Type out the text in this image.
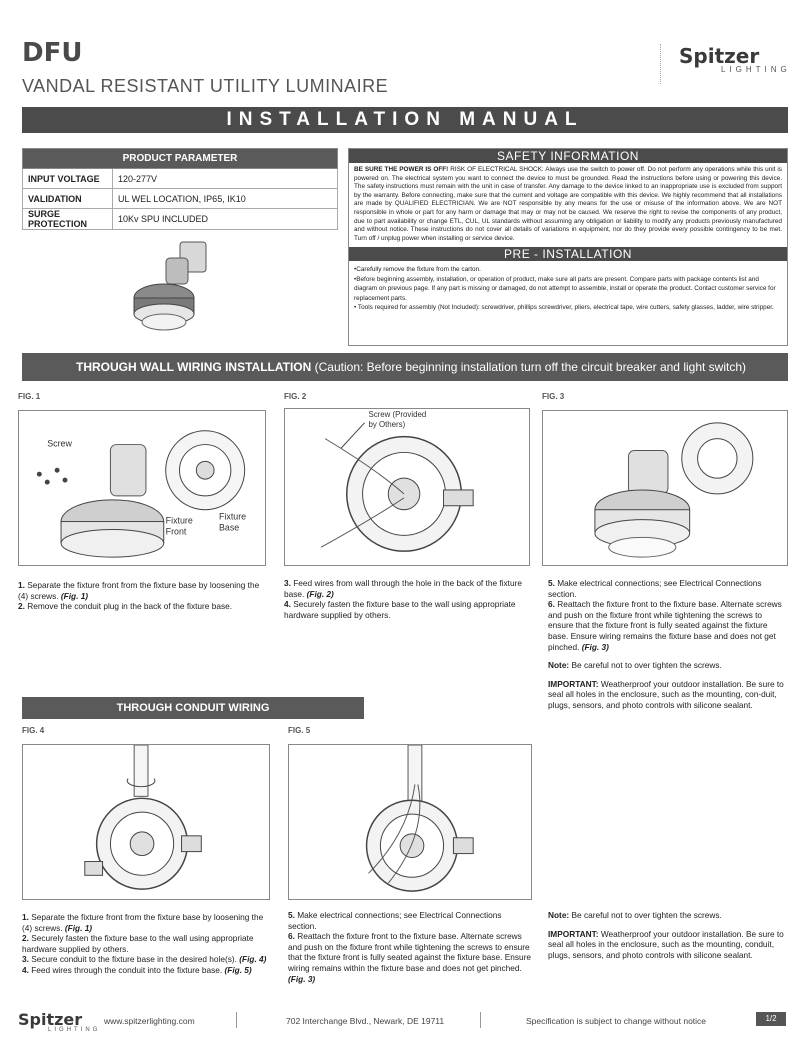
DFU
VANDAL RESISTANT UTILITY LUMINAIRE
Spitzer
LIGHTING
INSTALLATION MANUAL
PRODUCT PARAMETER	
INPUT VOLTAGE	120-277V
VALIDATION	UL WEL LOCATION, IP65, IK10
SURGE PROTECTION	10Kv SPU INCLUDED
SAFETY INFORMATION
BE SURE THE POWER IS OFF! RISK OF ELECTRICAL SHOCK: Always use the switch to power off. Do not perform any operations while this unit is powered on. The electrical system you want to connect the device to must be grounded. Read the instructions before using or powering this device. The safety instructions must remain with the unit in case of transfer. Any damage to the device linked to an inappropriate use is excluded from support by the warranty. Before connecting, make sure that the current and voltage are compatible with this device. We highly recommend that all installations are made by QUALIFIED ELECTRICIAN. We are NOT responsible by any means for the use or misuse of the information above. We are NOT responsible in whole or part for any harm or damage that may or may not be caused. We reserve the right to revise the components of any product, due to part availability or change ETL, CUL, UL standards without assuming any obligation or liability to modify any products previously manufactured and without notice. These instructions do not cover all details of variations in equipment, nor do they provide every possible contingency to be met. Turn off / unplug power when installing or service device.
PRE - INSTALLATION
•Carefully remove the fixture from the carton.
•Before beginning assembly, installation, or operation of product, make sure all parts are present. Compare parts with package contents list and diagram on previous page. If any part is missing or damaged, do not attempt to assemble, install or operate the product. Contact customer service for replacement parts.
• Tools required for assembly (Not Included): screwdriver, phillips screwdriver, pliers, electrical tape, wire cutters, safety glasses, ladder, wire stripper.
THROUGH WALL WIRING INSTALLATION (Caution: Before beginning installation turn off the circuit breaker and light switch)
FIG. 1
Screw
Fixture
Front
Fixture
Base
FIG. 2
Screw (Provided
by Others)
FIG. 3
1. Separate the fixture front from the fixture base by loosening the (4) screws. (Fig. 1)
2. Remove the conduit plug in the back of the fixture base.
3. Feed wires from wall through the hole in the back of the fixture base. (Fig. 2)
4. Securely fasten the fixture base to the wall using appropriate hardware supplied by others.
5. Make electrical connections; see Electrical Connections section.
6. Reattach the fixture front to the fixture base. Alternate screws and push on the fixture front while tightening the screws to ensure that the fixture front is fully seated against the fixture base. Ensure wiring remains the fixture base and does not get pinched. (Fig. 3)
Note: Be careful not to over tighten the screws.
IMPORTANT: Weatherproof your outdoor installation. Be sure to seal all holes in the enclosure, such as the mounting, con-duit, plugs, sensors, and photo controls with silicone sealant.
THROUGH CONDUIT WIRING
FIG. 4	FIG. 5
1. Separate the fixture front from the fixture base by loosening the (4) screws. (Fig. 1)
2. Securely fasten the fixture base to the wall using appropriate hardware supplied by others.
3. Secure conduit to the fixture base in the desired hole(s). (Fig. 4)
4. Feed wires through the conduit into the fixture base. (Fig. 5)
5. Make electrical connections; see Electrical Connections section.
6. Reattach the fixture front to the fixture base. Alternate screws and push on the fixture front while tightening the screws to ensure that the fixture front is fully seated against the fixture base. Ensure wiring remains within the fixture base and does not get pinched. (Fig. 3)
Note: Be careful not to over tighten the screws.
IMPORTANT: Weatherproof your outdoor installation. Be sure to seal all holes in the enclosure, such as the mounting, conduit, plugs, sensors, and photo controls with silicone sealant.
Spitzer
LIGHTING
www.spitzerlighting.com	702 Interchange Blvd., Newark, DE 19711	Specification is subject to change without notice	1/2
